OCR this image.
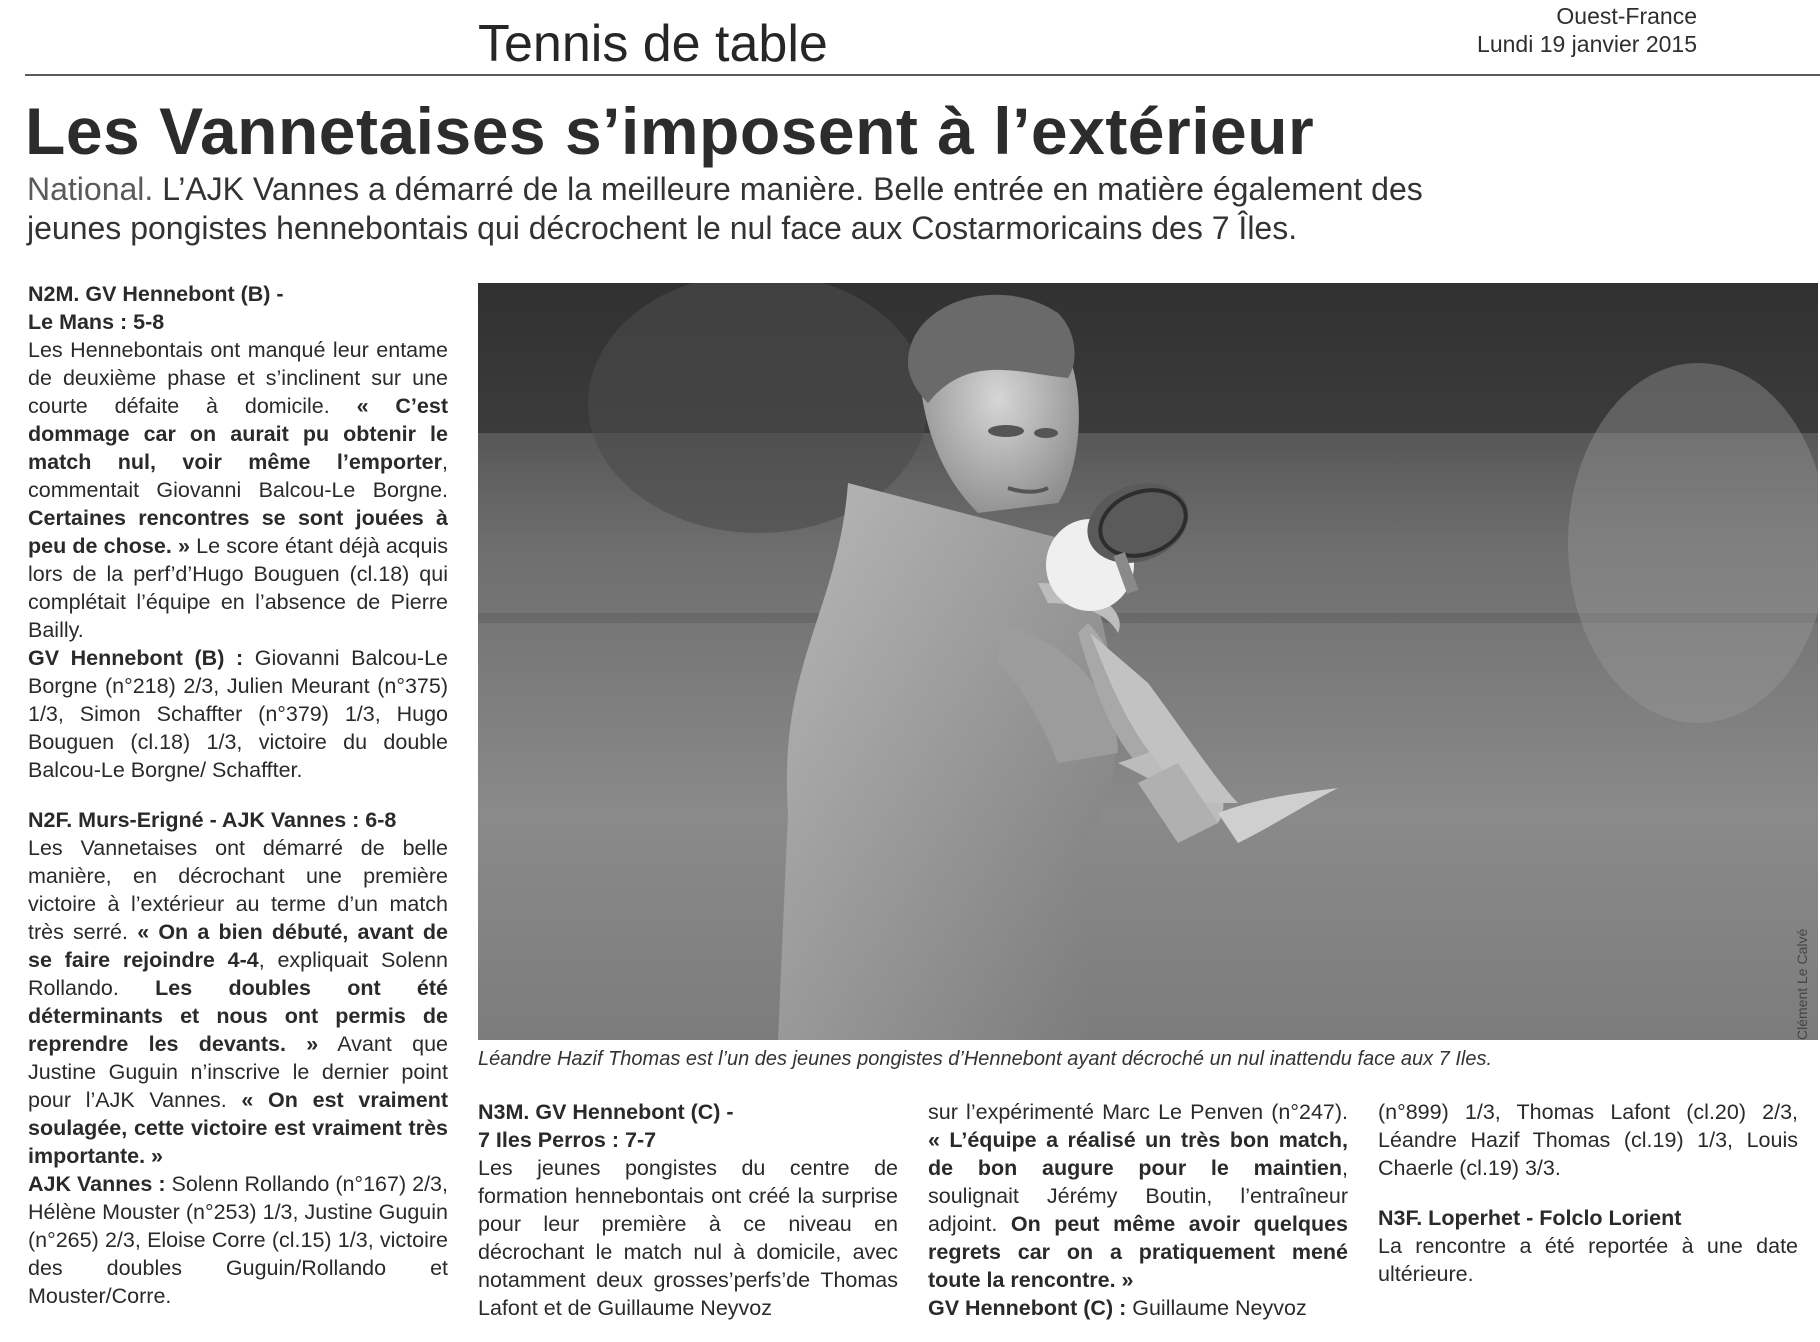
Tennis de table	Ouest-France
Lundi 19 janvier 2015
Les Vannetaises s’imposent à l’extérieur
National. L’AJK Vannes a démarré de la meilleure manière. Belle entrée en matière également des jeunes pongistes hennebontais qui décrochent le nul face aux Costarmoricains des 7 Îles.
N2M. GV Hennebont (B) -
Le Mans : 5-8

Les Hennebontais ont manqué leur entame de deuxième phase et s’inclinent sur une courte défaite à domicile. « C’est dommage car on aurait pu obtenir le match nul, voir même l’emporter, commentait Giovanni Balcou-Le Borgne. Certaines rencontres se sont jouées à peu de chose. » Le score étant déjà acquis lors de la perf’d’Hugo Bouguen (cl.18) qui complétait l’équipe en l’absence de Pierre Bailly.

GV Hennebont (B) : Giovanni Balcou-Le Borgne (n°218) 2/3, Julien Meurant (n°375) 1/3, Simon Schaffter (n°379) 1/3, Hugo Bouguen (cl.18) 1/3, victoire du double Balcou-Le Borgne/ Schaffter.

N2F. Murs-Erigné - AJK Vannes : 6-8

Les Vannetaises ont démarré de belle manière, en décrochant une première victoire à l’extérieur au terme d’un match très serré. « On a bien débuté, avant de se faire rejoindre 4-4, expliquait Solenn Rollando. Les doubles ont été déterminants et nous ont permis de reprendre les devants. » Avant que Justine Guguin n’inscrive le dernier point pour l’AJK Vannes. « On est vraiment soulagée, cette victoire est vraiment très importante. »

AJK Vannes : Solenn Rollando (n°167) 2/3, Hélène Mouster (n°253) 1/3, Justine Guguin (n°265) 2/3, Eloise Corre (cl.15) 1/3, victoire des doubles Guguin/Rollando et Mouster/Corre.

Clément Le Calvé
Léandre Hazif Thomas est l’un des jeunes pongistes d’Hennebont ayant décroché un nul inattendu face aux 7 Iles.
N3M. GV Hennebont (C) -
7 Iles Perros : 7-7

Les jeunes pongistes du centre de formation hennebontais ont créé la surprise pour leur première à ce niveau en décrochant le match nul à domicile, avec notamment deux grosses’perfs’de Thomas Lafont et de Guillaume Neyvoz

sur l’expérimenté Marc Le Penven (n°247). « L’équipe a réalisé un très bon match, de bon augure pour le maintien, soulignait Jérémy Boutin, l’entraîneur adjoint. On peut même avoir quelques regrets car on a pratiquement mené toute la rencontre. »

GV Hennebont (C) : Guillaume Neyvoz

(n°899) 1/3, Thomas Lafont (cl.20) 2/3, Léandre Hazif Thomas (cl.19) 1/3, Louis Chaerle (cl.19) 3/3.

N3F. Loperhet - Folclo Lorient

La rencontre a été reportée à une date ultérieure.
